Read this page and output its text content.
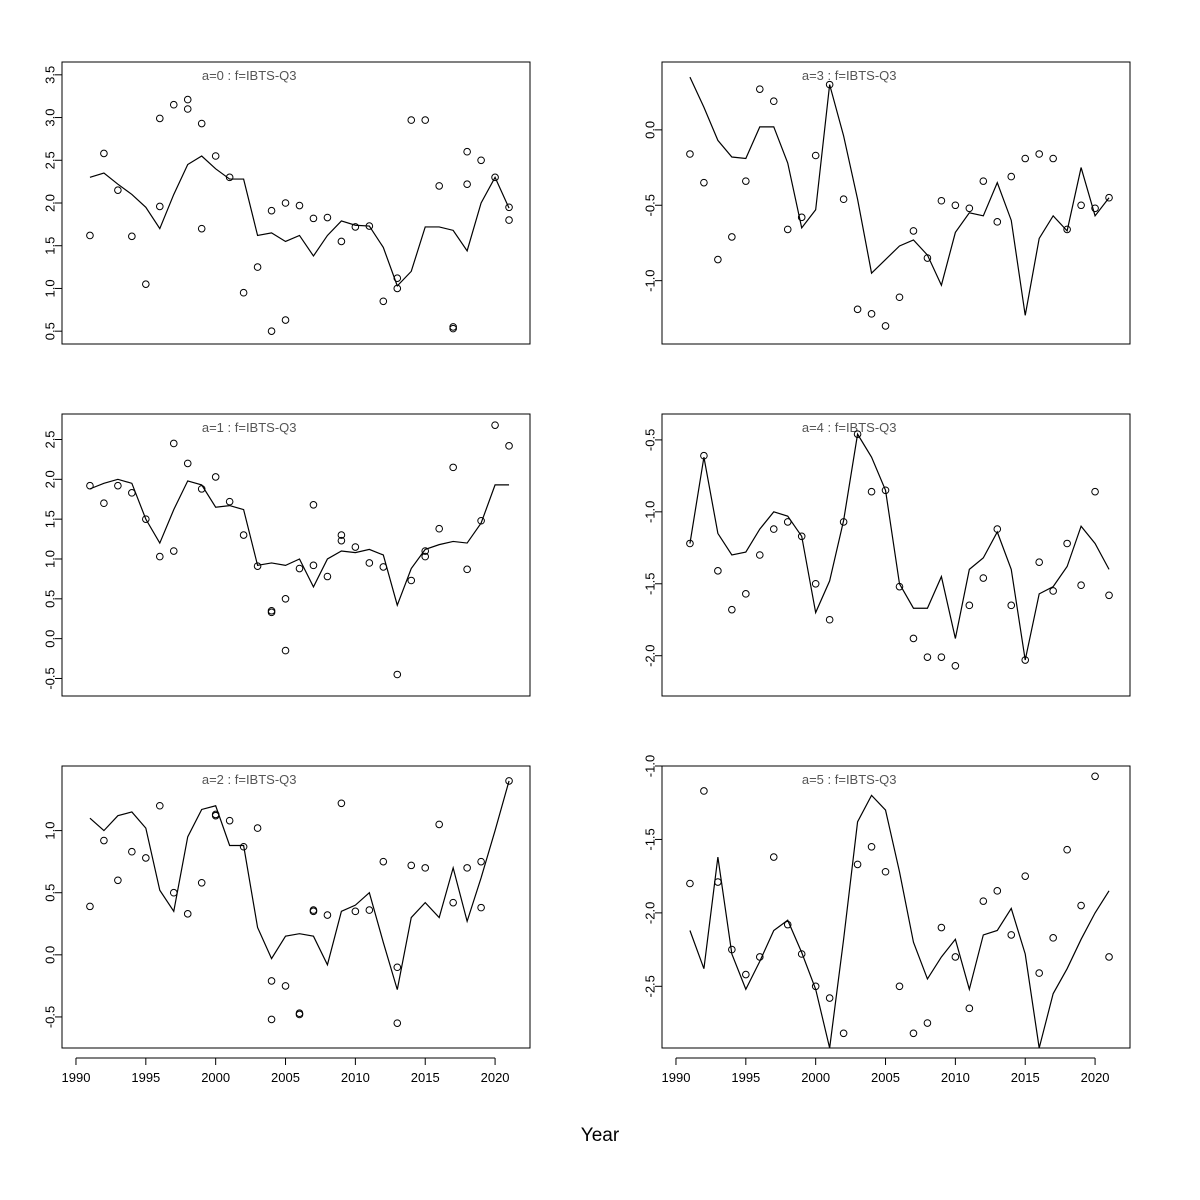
0.5
1.0
1.5
2.0
2.5
3.0
3.5	a=0 : f=IBTS-Q3
-0.5
0.0
0.5
1.0
1.5
2.0
2.5
a=1 : f=IBTS-Q3
-0.5
0.0
0.5
1.0
1990	1995	2000	2005	2010	2015	2020
a=2 : f=IBTS-Q3
0.0
-0.5
-1.0
a=3 : f=IBTS-Q3
-0.5
-1.0
-1.5
-2.0
a=4 : f=IBTS-Q3
-1.0
-1.5
-2.0
-2.5
1990	1995	2000	2005	2010	2015	2020
a=5 : f=IBTS-Q3
Year
